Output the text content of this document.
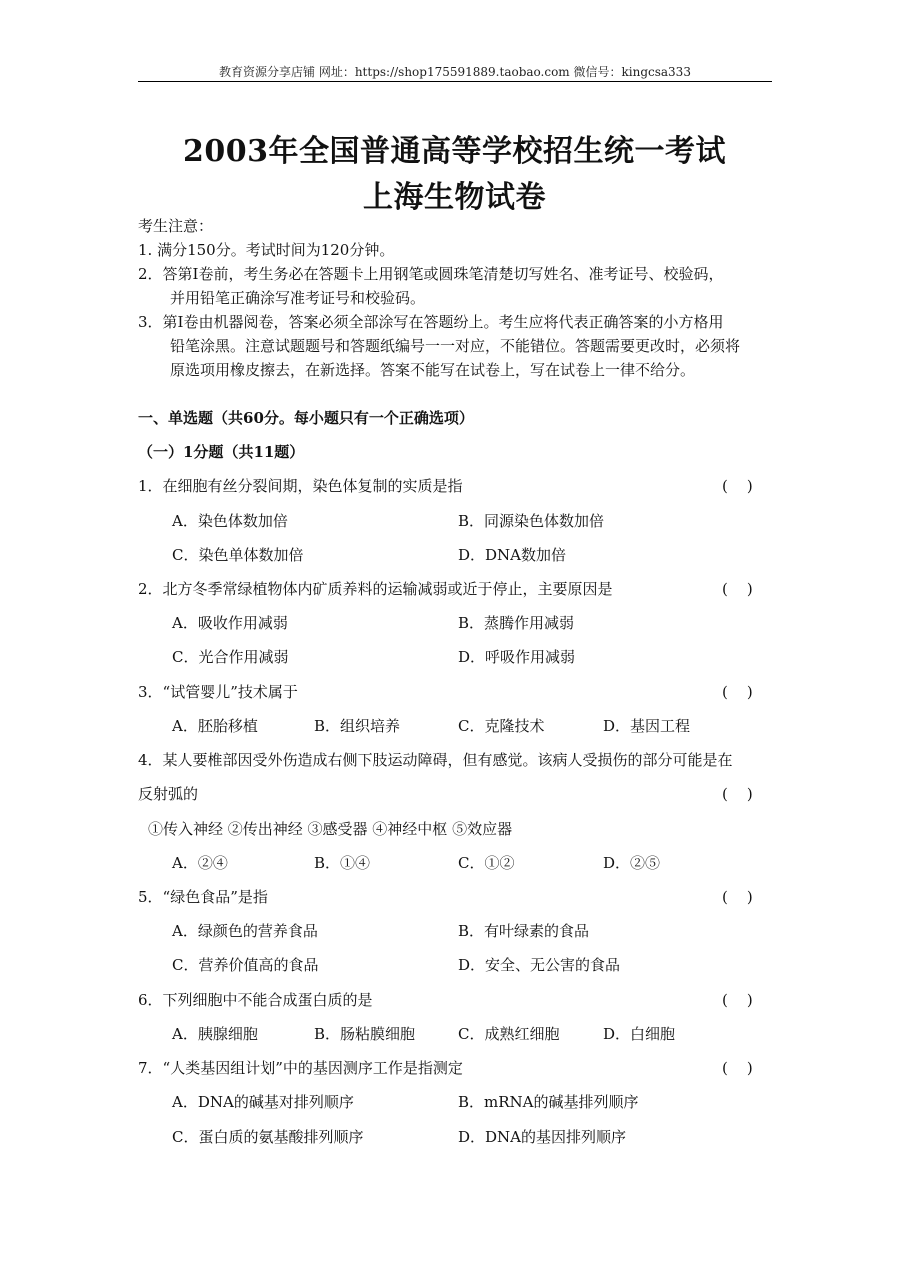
教育资源分享店铺 网址：https://shop175591889.taobao.com 微信号：kingcsa333
2003年全国普通高等学校招生统一考试
上海生物试卷
考生注意：
1. 满分150分。考试时间为120分钟。
2．答第Ⅰ卷前，考生务必在答题卡上用钢笔或圆珠笔清楚切写姓名、准考证号、校验码，
并用铅笔正确涂写准考证号和校验码。
3．第Ⅰ卷由机器阅卷，答案必须全部涂写在答题纷上。考生应将代表正确答案的小方格用
铅笔涂黑。注意试题题号和答题纸编号一一对应，不能错位。答题需要更改时，必须将
原选项用橡皮擦去，在新选择。答案不能写在试卷上，写在试卷上一律不给分。
一、单选题（共60分。每小题只有一个正确选项）
（一）1分题（共11题）
1．在细胞有丝分裂间期，染色体复制的实质是指	(    )
A．染色体数加倍	B．同源染色体数加倍
C．染色单体数加倍	D．DNA数加倍
2．北方冬季常绿植物体内矿质养料的运输减弱或近于停止，主要原因是	(    )
A．吸收作用减弱	B．蒸腾作用减弱
C．光合作用减弱	D．呼吸作用减弱
3．“试管婴儿”技术属于	(    )
A．胚胎移植	B．组织培养	C．克隆技术	D．基因工程
4．某人要椎部因受外伤造成右侧下肢运动障碍，但有感觉。该病人受损伤的部分可能是在
反射弧的	(    )
①传入神经 ②传出神经 ③感受器 ④神经中枢 ⑤效应器
A．②④	B．①④	C．①②	D．②⑤
5．“绿色食品”是指	(    )
A．绿颜色的营养食品	B．有叶绿素的食品
C．营养价值高的食品	D．安全、无公害的食品
6．下列细胞中不能合成蛋白质的是	(    )
A．胰腺细胞	B．肠粘膜细胞	C．成熟红细胞	D．白细胞
7．“人类基因组计划”中的基因测序工作是指测定	(    )
A．DNA的碱基对排列顺序	B．mRNA的碱基排列顺序
C．蛋白质的氨基酸排列顺序	D．DNA的基因排列顺序
